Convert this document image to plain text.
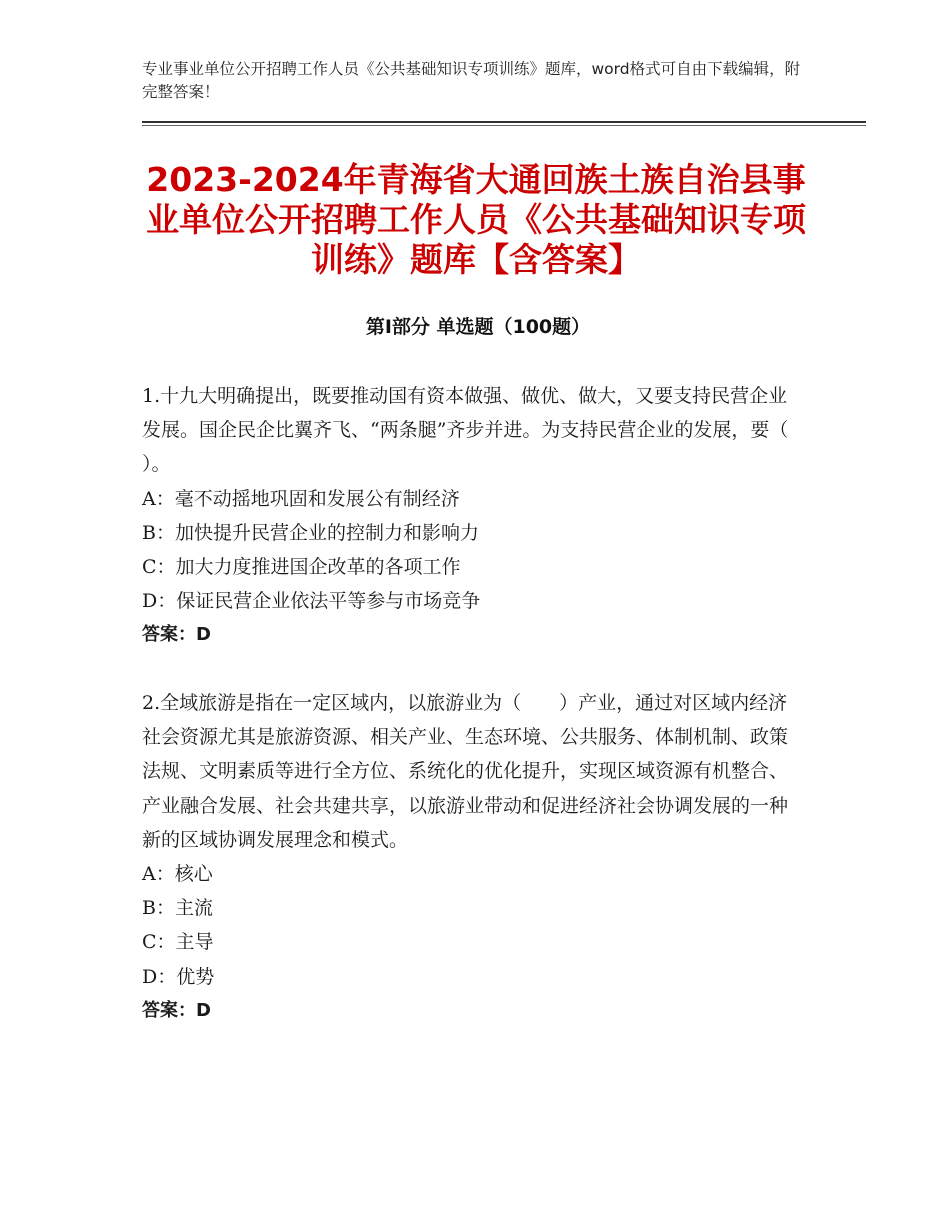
专业事业单位公开招聘工作人员《公共基础知识专项训练》题库，word格式可自由下载编辑，附完整答案！
2023-2024年青海省大通回族土族自治县事业单位公开招聘工作人员《公共基础知识专项训练》题库【含答案】
第Ⅰ部分 单选题（100题）

1.十九大明确提出，既要推动国有资本做强、做优、做大，又要支持民营企业发展。国企民企比翼齐飞、“两条腿”齐步并进。为支持民营企业的发展，要（　　）。

A：毫不动摇地巩固和发展公有制经济

B：加快提升民营企业的控制力和影响力

C：加大力度推进国企改革的各项工作

D：保证民营企业依法平等参与市场竞争

答案：D

2.全域旅游是指在一定区域内，以旅游业为（　　）产业，通过对区域内经济社会资源尤其是旅游资源、相关产业、生态环境、公共服务、体制机制、政策法规、文明素质等进行全方位、系统化的优化提升，实现区域资源有机整合、产业融合发展、社会共建共享，以旅游业带动和促进经济社会协调发展的一种新的区域协调发展理念和模式。

A：核心

B：主流

C：主导

D：优势

答案：D
